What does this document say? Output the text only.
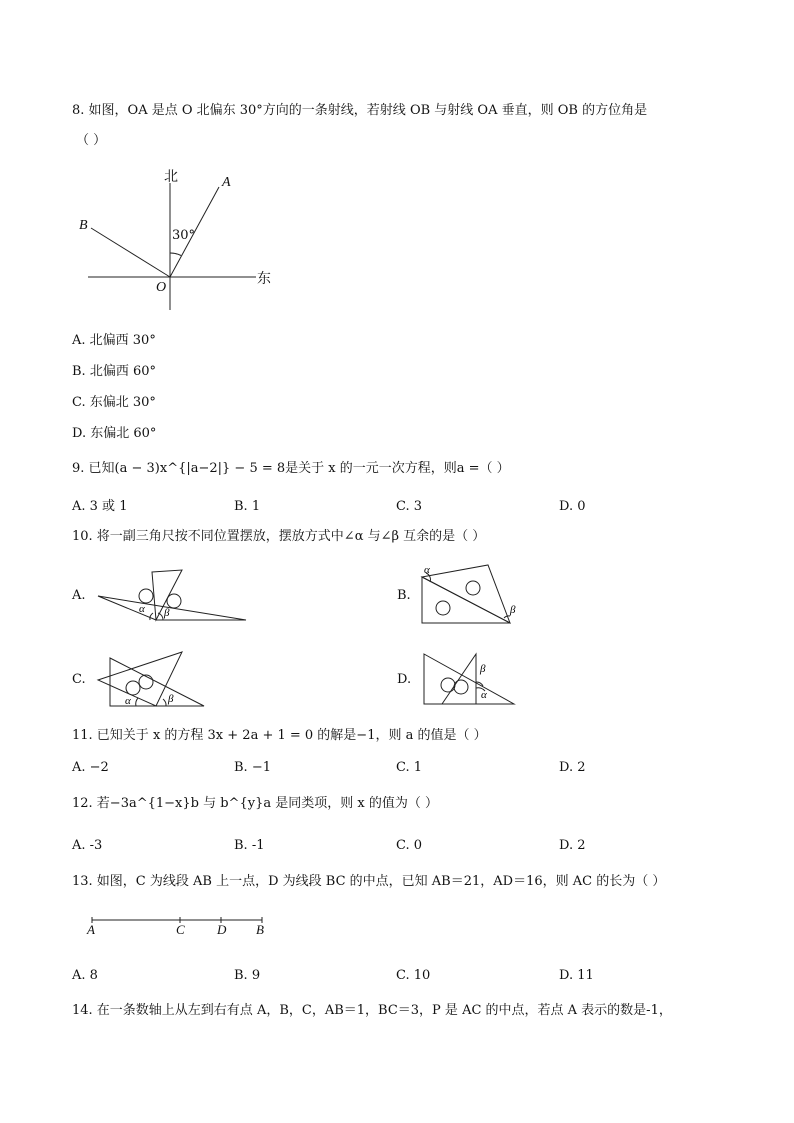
8. 如图，OA 是点 O 北偏东 30°方向的一条射线，若射线 OB 与射线 OA 垂直，则 OB 的方位角是
（ ）
北	A
B
30°
O
东
A. 北偏西 30°
B. 北偏西 60°
C. 东偏北 30°
D. 东偏北 60°
9. 已知(a − 3)x^{|a−2|} − 5 = 8是关于 x 的一元一次方程，则a =（ ）
A. 3 或 1	B. 1	C. 3	D. 0
10. 将一副三角尺按不同位置摆放，摆放方式中∠α 与∠β 互余的是（ ）
A.
α β
B.
α
β
C.
α	β
D.
β
α
11. 已知关于 x 的方程 3x + 2a + 1 = 0 的解是−1，则 a 的值是（ ）
A. −2	B. −1	C. 1	D. 2
12. 若−3a^{1−x}b 与 b^{y}a 是同类项，则 x 的值为（ ）
A. -3	B. -1	C. 0	D. 2
13. 如图，C 为线段 AB 上一点，D 为线段 BC 的中点，已知 AB＝21，AD＝16，则 AC 的长为（ ）
A	C D B
A. 8	B. 9	C. 10	D. 11
14. 在一条数轴上从左到右有点 A，B，C，AB＝1，BC＝3，P 是 AC 的中点，若点 A 表示的数是-1，
